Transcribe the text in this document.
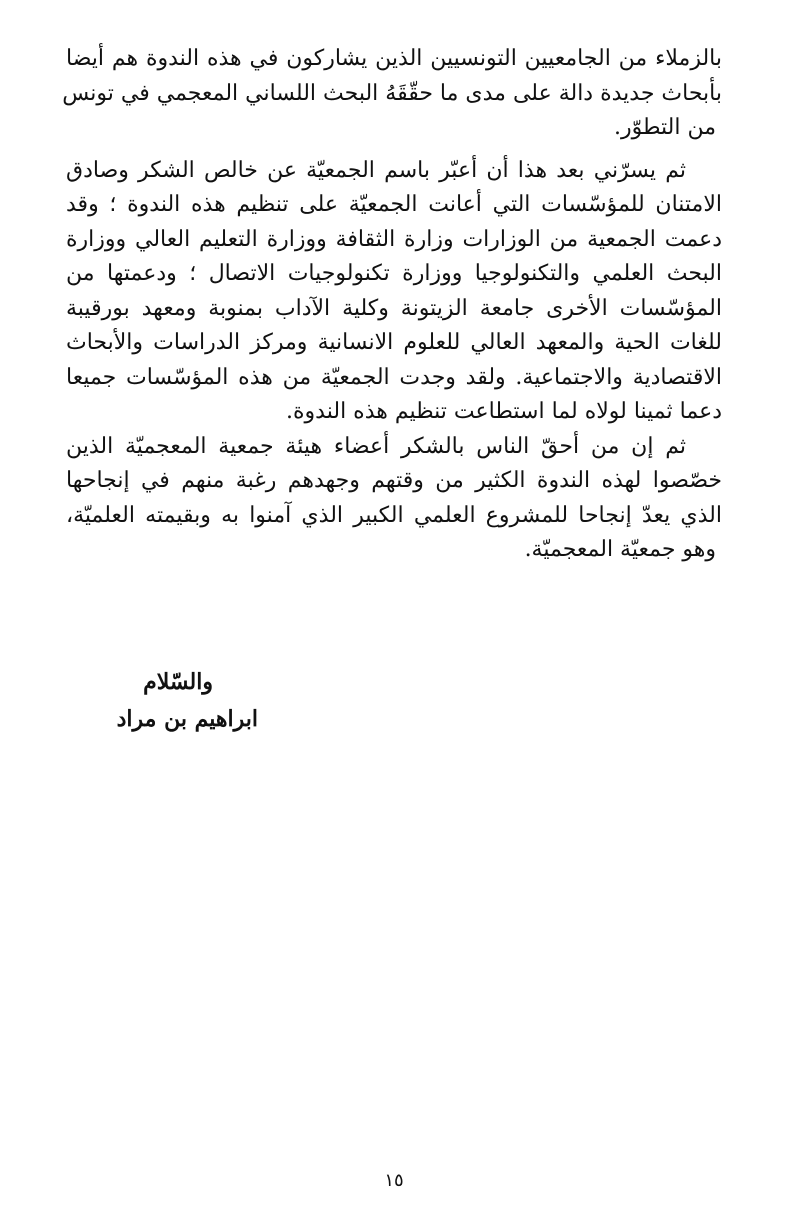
بالزملاء من الجامعيين التونسيين الذين يشاركون في هذه الندوة هم أيضا
بأبحاث جديدة دالة على مدى ما حقّقَهُ البحث اللساني المعجمي في تونس
من التطوّر.

ثم يسرّني بعد هذا أن أعبّر باسم الجمعيّة عن خالص الشكر وصادق
الامتنان للمؤسّسات التي أعانت الجمعيّة على تنظيم هذه الندوة ؛ وقد
دعمت الجمعية من الوزارات وزارة الثقافة ووزارة التعليم العالي ووزارة
البحث العلمي والتكنولوجيا ووزارة تكنولوجيات الاتصال ؛ ودعمتها من
المؤسّسات الأخرى جامعة الزيتونة وكلية الآداب بمنوبة ومعهد بورقيبة
للغات الحية والمعهد العالي للعلوم الانسانية ومركز الدراسات والأبحاث
الاقتصادية والاجتماعية. ولقد وجدت الجمعيّة من هذه المؤسّسات جميعا
دعما ثمينا لولاه لما استطاعت تنظيم هذه الندوة.

ثم إن من أحقّ الناس بالشكر أعضاء هيئة جمعية المعجميّة الذين
خصّصوا لهذه الندوة الكثير من وقتهم وجهدهم رغبة منهم في إنجاحها
الذي يعدّ إنجاحا للمشروع العلمي الكبير الذي آمنوا به وبقيمته العلميّة،
وهو جمعيّة المعجميّة.

والسّلام
ابراهيم بن مراد
١٥
